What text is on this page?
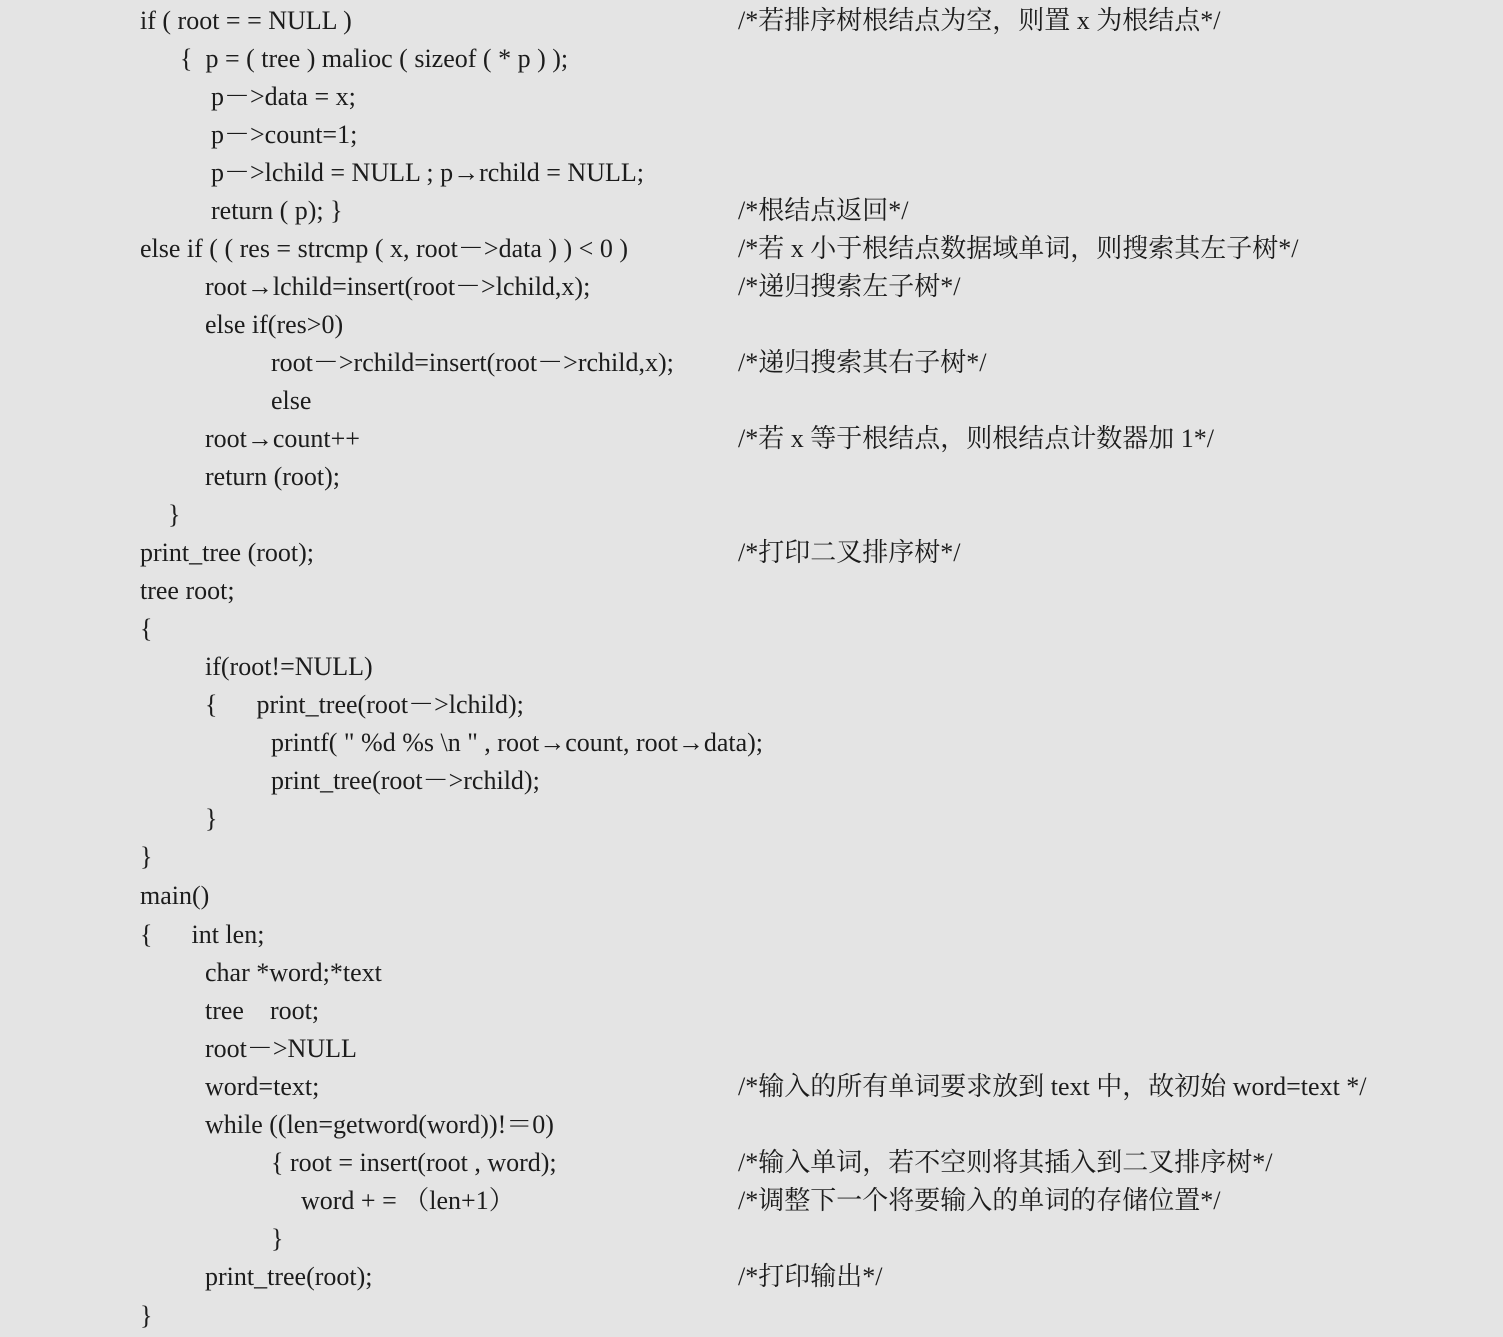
if ( root = = NULL )	/*若排序树根结点为空，则置 x 为根结点*/
{  p = ( tree ) malioc ( sizeof ( * p ) );
p－>data = x;
p－>count=1;
p－>lchild = NULL ; p→rchild = NULL;
return ( p); }	/*根结点返回*/
else if ( ( res = strcmp ( x, root－>data ) ) < 0 )	/*若 x 小于根结点数据域单词，则搜索其左子树*/
root→lchild=insert(root－>lchild,x);	/*递归搜索左子树*/
else if(res>0)
root－>rchild=insert(root－>rchild,x); /*递归搜索其右子树*/
else
root→count++	/*若 x 等于根结点，则根结点计数器加 1*/
return (root);
}
print_tree (root);	/*打印二叉排序树*/
tree root;
{
if(root!=NULL)
{      print_tree(root－>lchild);
printf( " %d %s \n " , root→count, root→data);
print_tree(root－>rchild);
}
}
main()
{      int len;
char *word;*text
tree    root;
root－>NULL
word=text;	/*输入的所有单词要求放到 text 中，故初始 word=text */
while ((len=getword(word))!＝0)
{ root = insert(root , word);	/*输入单词，若不空则将其插入到二叉排序树*/
word + = （len+1）	/*调整下一个将要输入的单词的存储位置*/
}
print_tree(root);	/*打印输出*/
}
